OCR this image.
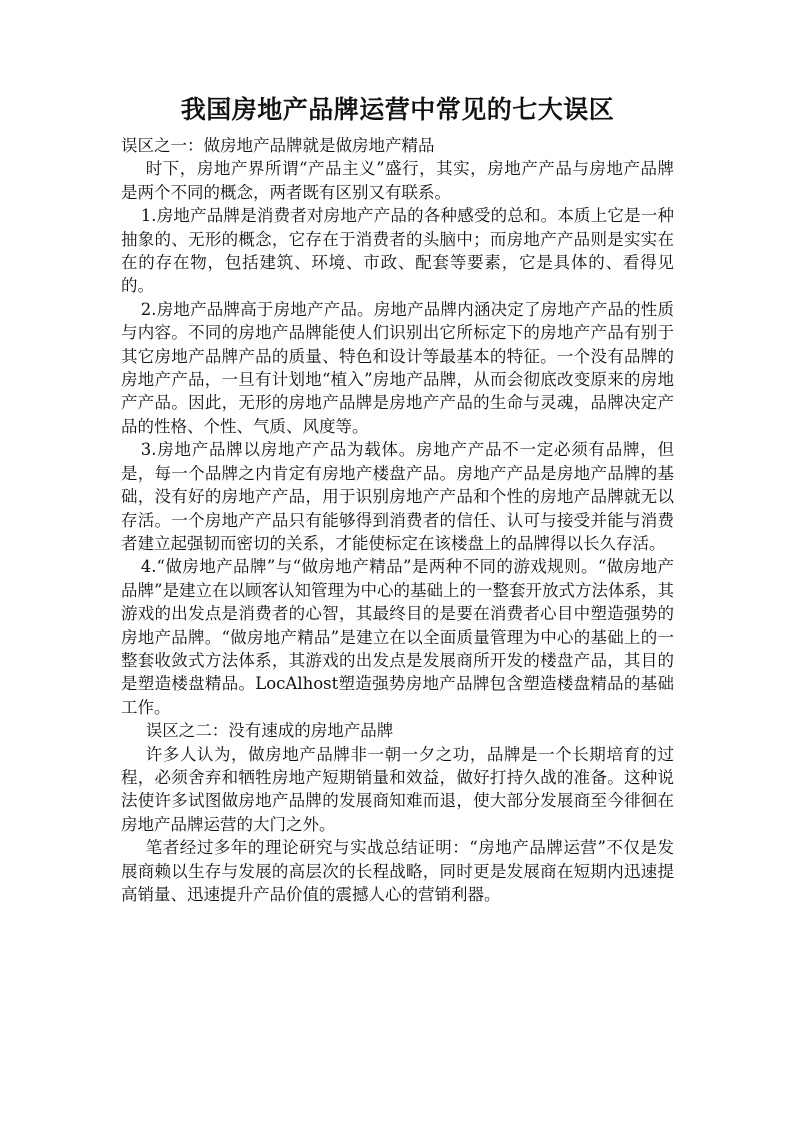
我国房地产品牌运营中常见的七大误区

误区之一：做房地产品牌就是做房地产精品

时下，房地产界所谓“产品主义”盛行，其实，房地产产品与房地产品牌是两个不同的概念，两者既有区别又有联系。

1.房地产品牌是消费者对房地产产品的各种感受的总和。本质上它是一种抽象的、无形的概念，它存在于消费者的头脑中；而房地产产品则是实实在在的存在物，包括建筑、环境、市政、配套等要素，它是具体的、看得见的。

2.房地产品牌高于房地产产品。房地产品牌内涵决定了房地产产品的性质与内容。不同的房地产品牌能使人们识别出它所标定下的房地产产品有别于其它房地产品牌产品的质量、特色和设计等最基本的特征。一个没有品牌的房地产产品，一旦有计划地“植入”房地产品牌，从而会彻底改变原来的房地产产品。因此，无形的房地产品牌是房地产产品的生命与灵魂，品牌决定产品的性格、个性、气质、风度等。

3.房地产品牌以房地产产品为载体。房地产产品不一定必须有品牌，但是，每一个品牌之内肯定有房地产楼盘产品。房地产产品是房地产品牌的基础，没有好的房地产产品，用于识别房地产产品和个性的房地产品牌就无以存活。一个房地产产品只有能够得到消费者的信任、认可与接受并能与消费者建立起强韧而密切的关系，才能使标定在该楼盘上的品牌得以长久存活。

4.“做房地产品牌”与“做房地产精品”是两种不同的游戏规则。“做房地产品牌”是建立在以顾客认知管理为中心的基础上的一整套开放式方法体系，其游戏的出发点是消费者的心智，其最终目的是要在消费者心目中塑造强势的房地产品牌。“做房地产精品”是建立在以全面质量管理为中心的基础上的一整套收敛式方法体系，其游戏的出发点是发展商所开发的楼盘产品，其目的是塑造楼盘精品。LocAlhost塑造强势房地产品牌包含塑造楼盘精品的基础工作。

误区之二：没有速成的房地产品牌

许多人认为，做房地产品牌非一朝一夕之功，品牌是一个长期培育的过程，必须舍弃和牺牲房地产短期销量和效益，做好打持久战的准备。这种说法使许多试图做房地产品牌的发展商知难而退，使大部分发展商至今徘徊在房地产品牌运营的大门之外。

笔者经过多年的理论研究与实战总结证明：“房地产品牌运营”不仅是发展商赖以生存与发展的高层次的长程战略，同时更是发展商在短期内迅速提高销量、迅速提升产品价值的震撼人心的营销利器。
